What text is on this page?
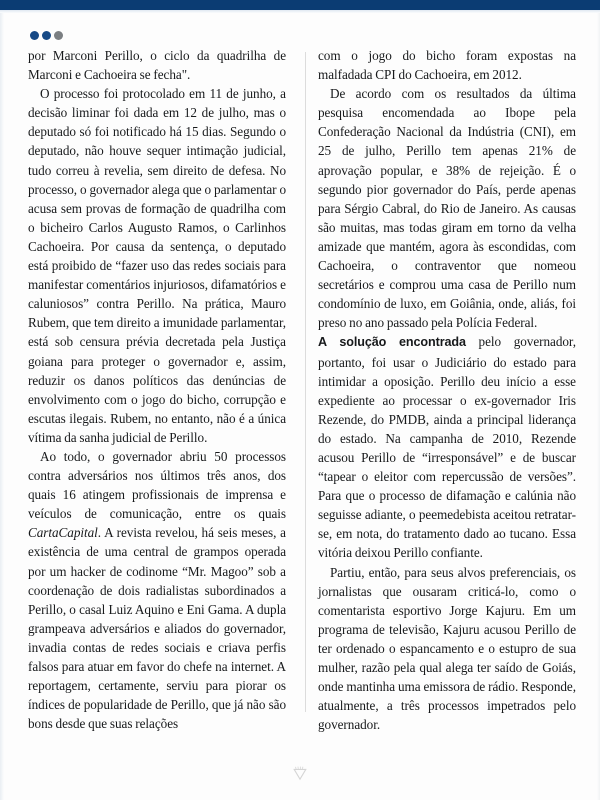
por Marconi Perillo, o ciclo da quadrilha de Marconi e Cachoeira se fecha".

O processo foi protocolado em 11 de junho, a decisão liminar foi dada em 12 de julho, mas o deputado só foi notificado há 15 dias. Segundo o deputado, não houve sequer intimação judicial, tudo correu à revelia, sem direito de defesa. No processo, o governador alega que o parlamentar o acusa sem provas de formação de quadrilha com o bicheiro Carlos Augusto Ramos, o Carlinhos Cachoeira. Por causa da sentença, o deputado está proibido de “fazer uso das redes sociais para manifestar comentários injuriosos, difamatórios e caluniosos” contra Perillo. Na prática, Mauro Rubem, que tem direito a imunidade parlamentar, está sob censura prévia decretada pela Justiça goiana para proteger o governador e, assim, reduzir os danos políticos das denúncias de envolvimento com o jogo do bicho, corrupção e escutas ilegais. Rubem, no entanto, não é a única vítima da sanha judicial de Perillo.

Ao todo, o governador abriu 50 processos contra adversários nos últimos três anos, dos quais 16 atingem profissionais de imprensa e veículos de comunicação, entre os quais CartaCapital. A revista revelou, há seis meses, a existência de uma central de grampos operada por um hacker de codinome “Mr. Magoo” sob a coordenação de dois radialistas subordinados a Perillo, o casal Luiz Aquino e Eni Gama. A dupla grampeava adversários e aliados do governador, invadia contas de redes sociais e criava perfis falsos para atuar em favor do chefe na internet. A reportagem, certamente, serviu para piorar os índices de popularidade de Perillo, que já não são bons desde que suas relações

com o jogo do bicho foram expostas na malfadada CPI do Cachoeira, em 2012.

De acordo com os resultados da última pesquisa encomendada ao Ibope pela Confederação Nacional da Indústria (CNI), em 25 de julho, Perillo tem apenas 21% de aprovação popular, e 38% de rejeição. É o segundo pior governador do País, perde apenas para Sérgio Cabral, do Rio de Janeiro. As causas são muitas, mas todas giram em torno da velha amizade que mantém, agora às escondidas, com Cachoeira, o contraventor que nomeou secretários e comprou uma casa de Perillo num condomínio de luxo, em Goiânia, onde, aliás, foi preso no ano passado pela Polícia Federal.

A solução encontrada pelo governador, portanto, foi usar o Judiciário do estado para intimidar a oposição. Perillo deu início a esse expediente ao processar o ex-governador Iris Rezende, do PMDB, ainda a principal liderança do estado. Na campanha de 2010, Rezende acusou Perillo de “irresponsável” e de buscar “tapear o eleitor com repercussão de versões”. Para que o processo de difamação e calúnia não seguisse adiante, o peemedebista aceitou retratar-se, em nota, do tratamento dado ao tucano. Essa vitória deixou Perillo confiante.

Partiu, então, para seus alvos preferenciais, os jornalistas que ousaram criticá-lo, como o comentarista esportivo Jorge Kajuru. Em um programa de televisão, Kajuru acusou Perillo de ter ordenado o espancamento e o estupro de sua mulher, razão pela qual alega ter saído de Goiás, onde mantinha uma emissora de rádio. Responde, atualmente, a três processos impetrados pelo governador.
